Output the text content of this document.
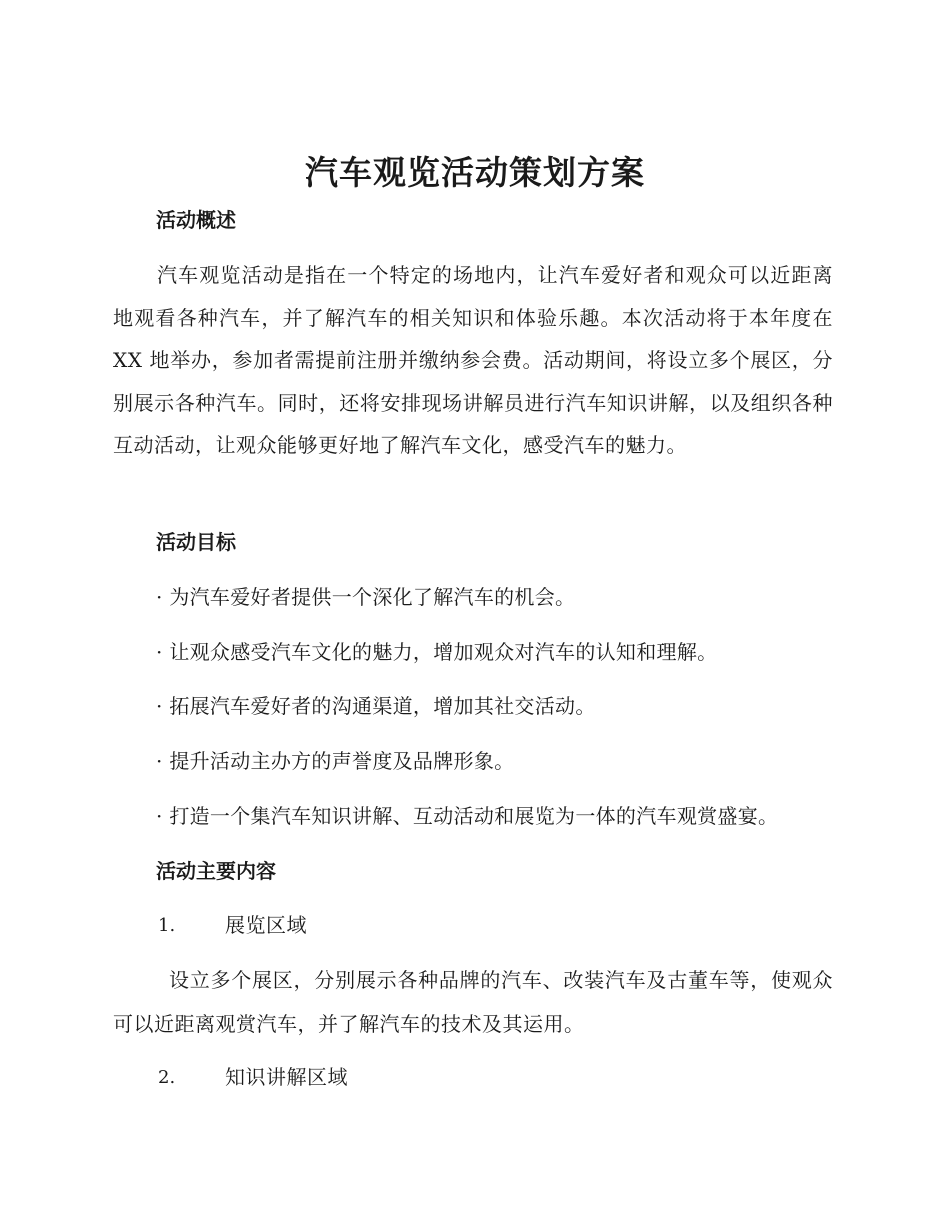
汽车观览活动策划方案
活动概述

汽车观览活动是指在一个特定的场地内，让汽车爱好者和观众可以近距离地观看各种汽车，并了解汽车的相关知识和体验乐趣。本次活动将于本年度在 XX 地举办，参加者需提前注册并缴纳参会费。活动期间，将设立多个展区，分别展示各种汽车。同时，还将安排现场讲解员进行汽车知识讲解，以及组织各种互动活动，让观众能够更好地了解汽车文化，感受汽车的魅力。

活动目标
· 为汽车爱好者提供一个深化了解汽车的机会。
· 让观众感受汽车文化的魅力，增加观众对汽车的认知和理解。
· 拓展汽车爱好者的沟通渠道，增加其社交活动。
· 提升活动主办方的声誉度及品牌形象。
· 打造一个集汽车知识讲解、互动活动和展览为一体的汽车观赏盛宴。
活动主要内容
1. 展览区域

设立多个展区，分别展示各种品牌的汽车、改装汽车及古董车等，使观众可以近距离观赏汽车，并了解汽车的技术及其运用。

2. 知识讲解区域
